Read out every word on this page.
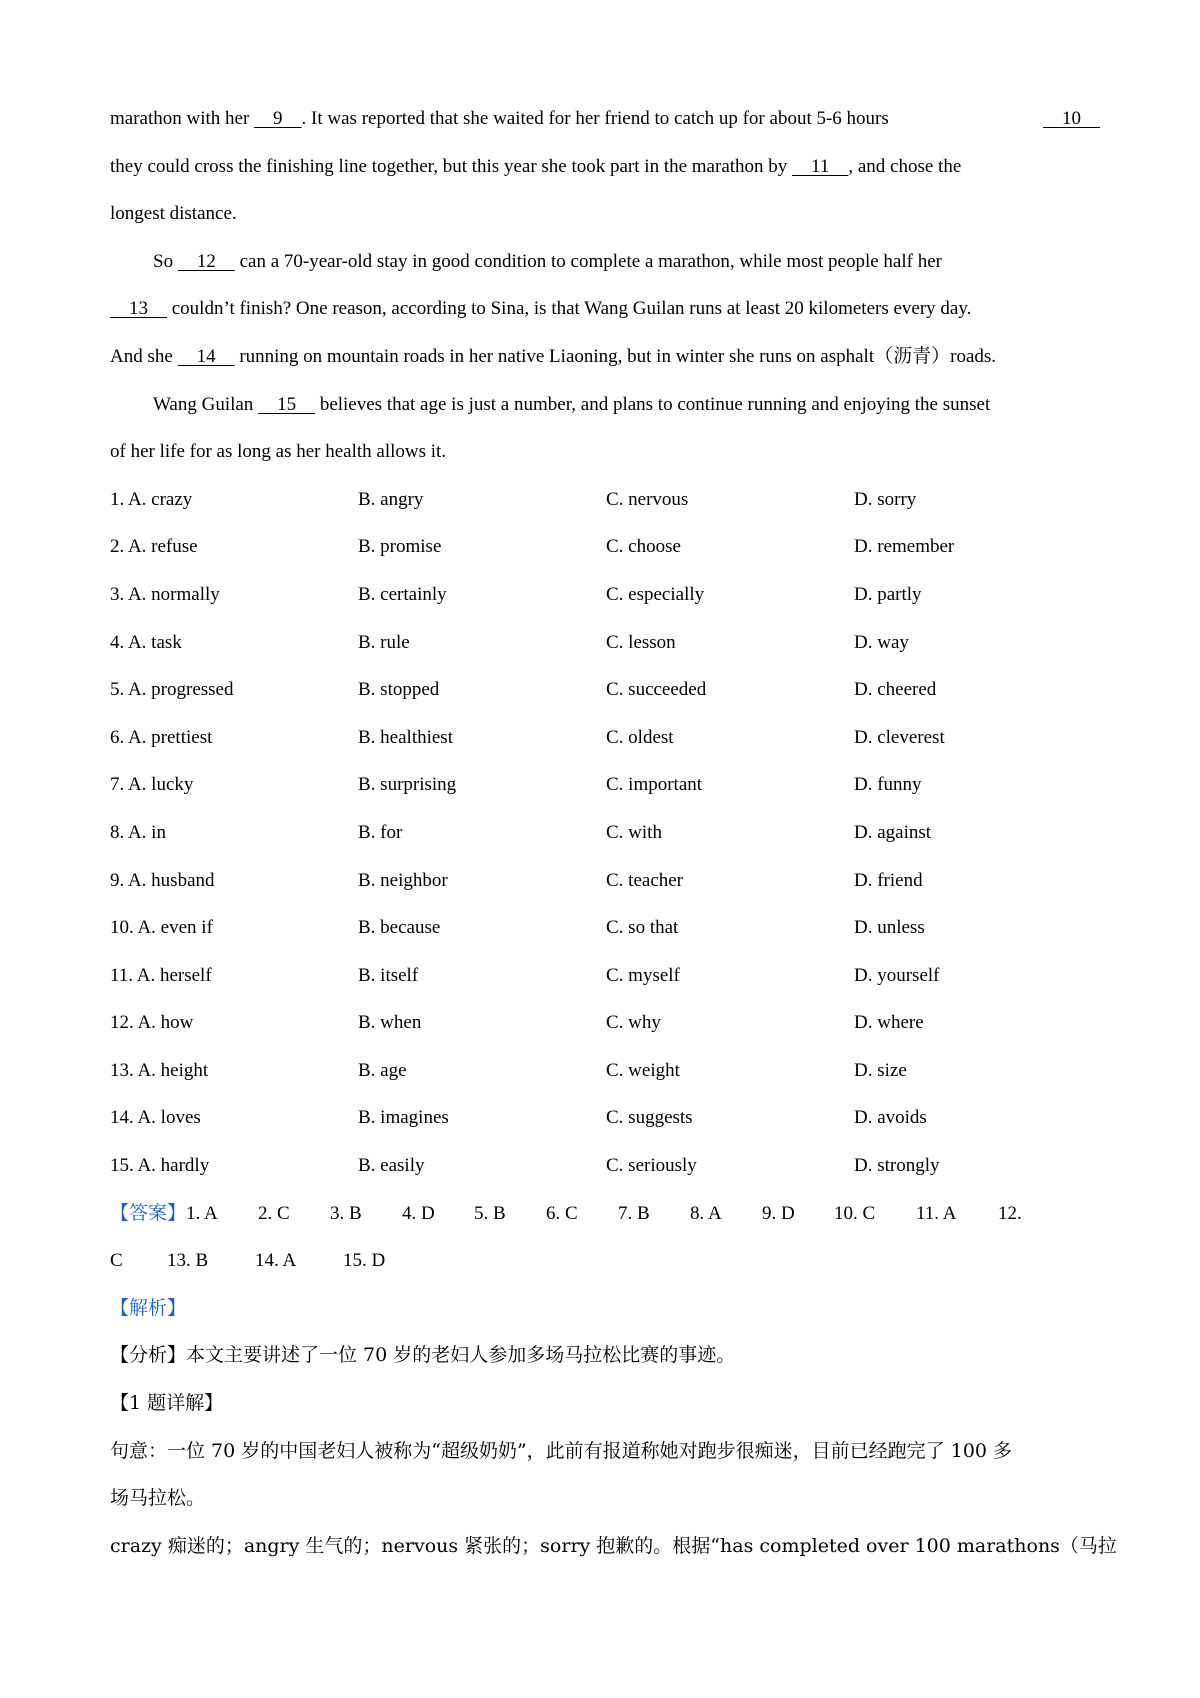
marathon with her     9    . It was reported that she waited for her friend to catch up for about 5-6 hours	10
they could cross the finishing line together, but this year she took part in the marathon by     11    , and chose the
longest distance.
So     12     can a 70-year-old stay in good condition to complete a marathon, while most people half her
13     couldn’t finish? One reason, according to Sina, is that Wang Guilan runs at least 20 kilometers every day.
And she     14     running on mountain roads in her native Liaoning, but in winter she runs on asphalt（沥青）roads.
Wang Guilan     15     believes that age is just a number, and plans to continue running and enjoying the sunset
of her life for as long as her health allows it.
1. A. crazy	B. angry	C. nervous	D. sorry
2. A. refuse	B. promise	C. choose	D. remember
3. A. normally	B. certainly	C. especially	D. partly
4. A. task	B. rule	C. lesson	D. way
5. A. progressed	B. stopped	C. succeeded	D. cheered
6. A. prettiest	B. healthiest	C. oldest	D. cleverest
7. A. lucky	B. surprising	C. important	D. funny
8. A. in	B. for	C. with	D. against
9. A. husband	B. neighbor	C. teacher	D. friend
10. A. even if	B. because	C. so that	D. unless
11. A. herself	B. itself	C. myself	D. yourself
12. A. how	B. when	C. why	D. where
13. A. height	B. age	C. weight	D. size
14. A. loves	B. imagines	C. suggests	D. avoids
15. A. hardly	B. easily	C. seriously	D. strongly
【答案】 1. A	2. C	3. B	4. D	5. B	6. C	7. B	8. A	9. D	10. C	11. A	12.
C	13. B	14. A	15. D
【解析】
【分析】本文主要讲述了一位 70 岁的老妇人参加多场马拉松比赛的事迹。
【1 题详解】
句意：一位 70 岁的中国老妇人被称为“超级奶奶”，此前有报道称她对跑步很痴迷，目前已经跑完了 100 多
场马拉松。
crazy 痴迷的；angry 生气的；nervous 紧张的；sorry 抱歉的。根据“has completed over 100 marathons（马拉
